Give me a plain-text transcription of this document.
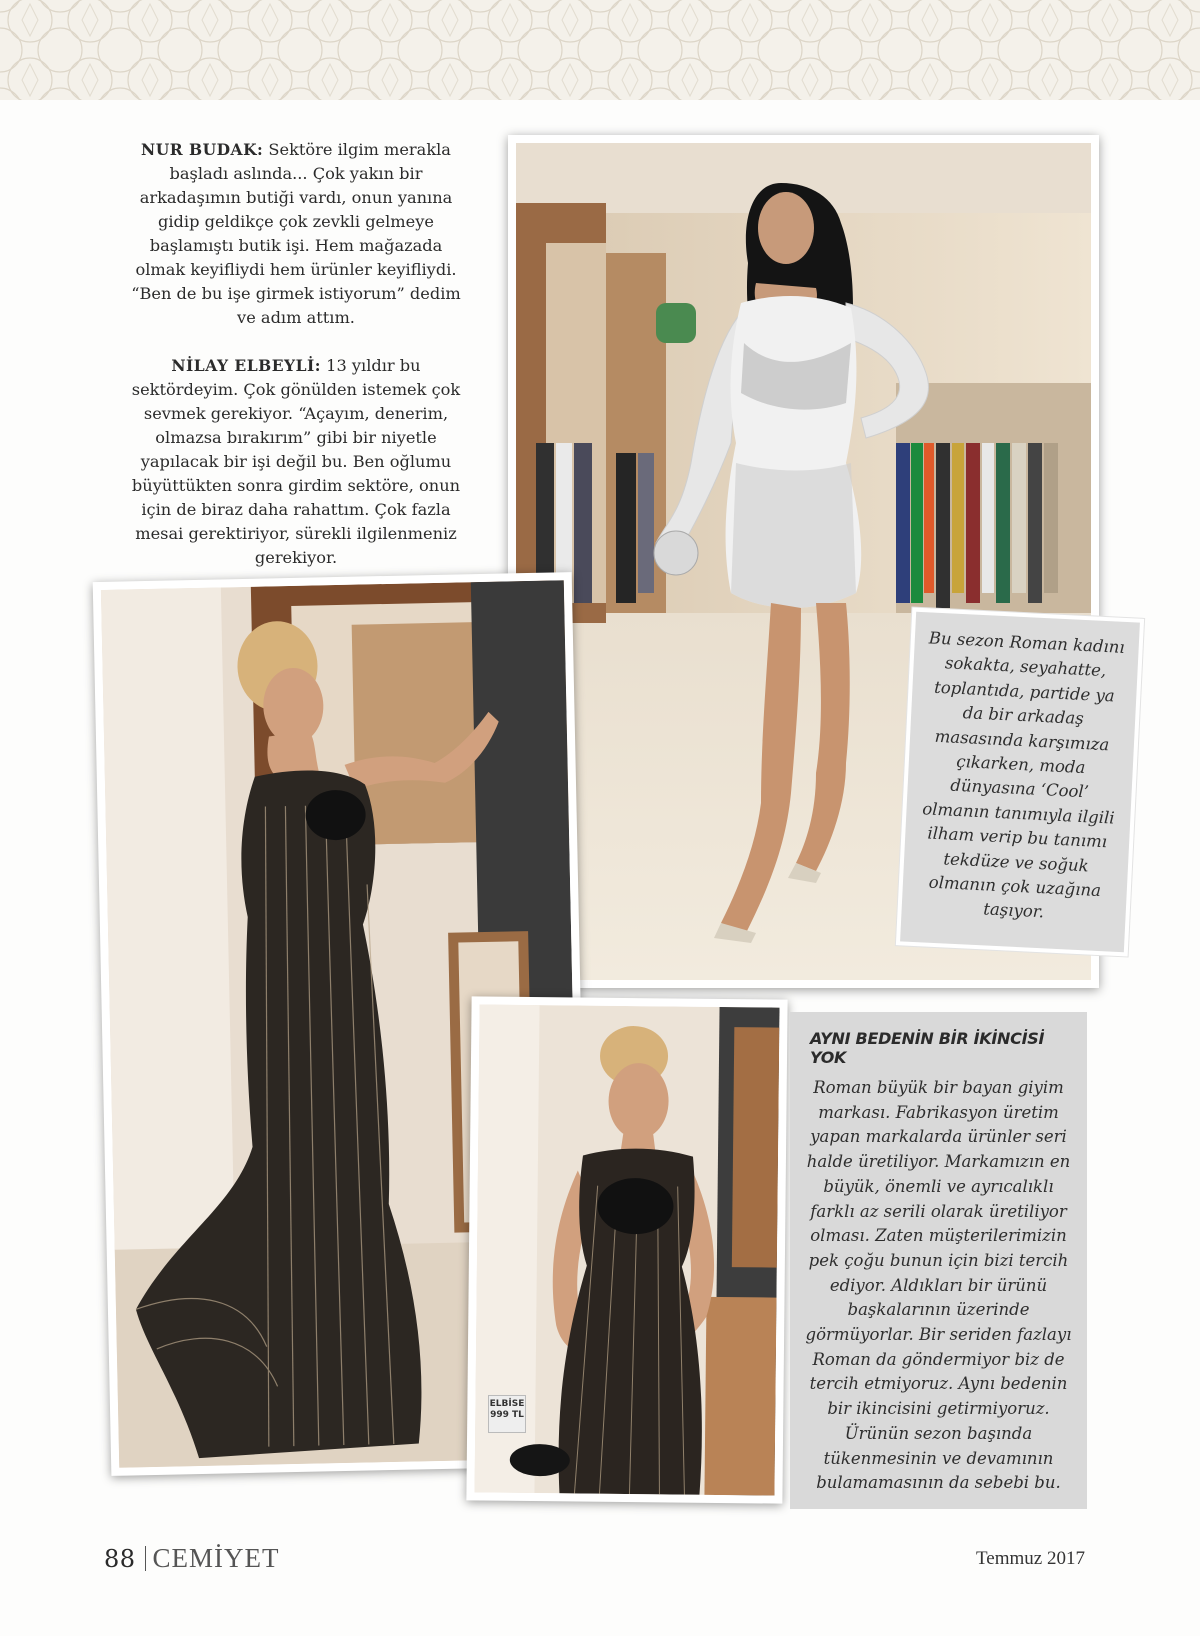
NUR BUDAK: Sektöre ilgim merakla başladı aslında... Çok yakın bir arkadaşımın butiği vardı, onun yanına gidip geldikçe çok zevkli gelmeye başlamıştı butik işi. Hem mağazada olmak keyifliydi hem ürünler keyifliydi. “Ben de bu işe girmek istiyorum” dedim ve adım attım.

NİLAY ELBEYLİ: 13 yıldır bu sektördeyim. Çok gönülden istemek çok sevmek gerekiyor. “Açayım, denerim, olmazsa bırakırım” gibi bir niyetle yapılacak bir işi değil bu. Ben oğlumu büyüttükten sonra girdim sektöre, onun için de biraz daha rahattım. Çok fazla mesai gerektiriyor, sürekli ilgilenmeniz gerekiyor.

ELBİSE
999 TL
Bu sezon Roman kadını sokakta, seyahatte, toplantıda, partide ya da bir arkadaş masasında karşımıza çıkarken, moda dünyasına ‘Cool’ olmanın tanımıyla ilgili ilham verip bu tanımı tekdüze ve soğuk olmanın çok uzağına taşıyor.
AYNI BEDENİN BİR İKİNCİSİ YOK
Roman büyük bir bayan giyim markası. Fabrikasyon üretim yapan markalarda ürünler seri halde üretiliyor. Markamızın en büyük, önemli ve ayrıcalıklı farklı az serili olarak üretiliyor olması. Zaten müşterilerimizin pek çoğu bunun için bizi tercih ediyor. Aldıkları bir ürünü başkalarının üzerinde görmüyorlar. Bir seriden fazlayı Roman da göndermiyor biz de tercih etmiyoruz. Aynı bedenin bir ikincisini getirmiyoruz. Ürünün sezon başında tükenmesinin ve devamının bulamamasının da sebebi bu.
88 CEMİYET	Temmuz 2017
